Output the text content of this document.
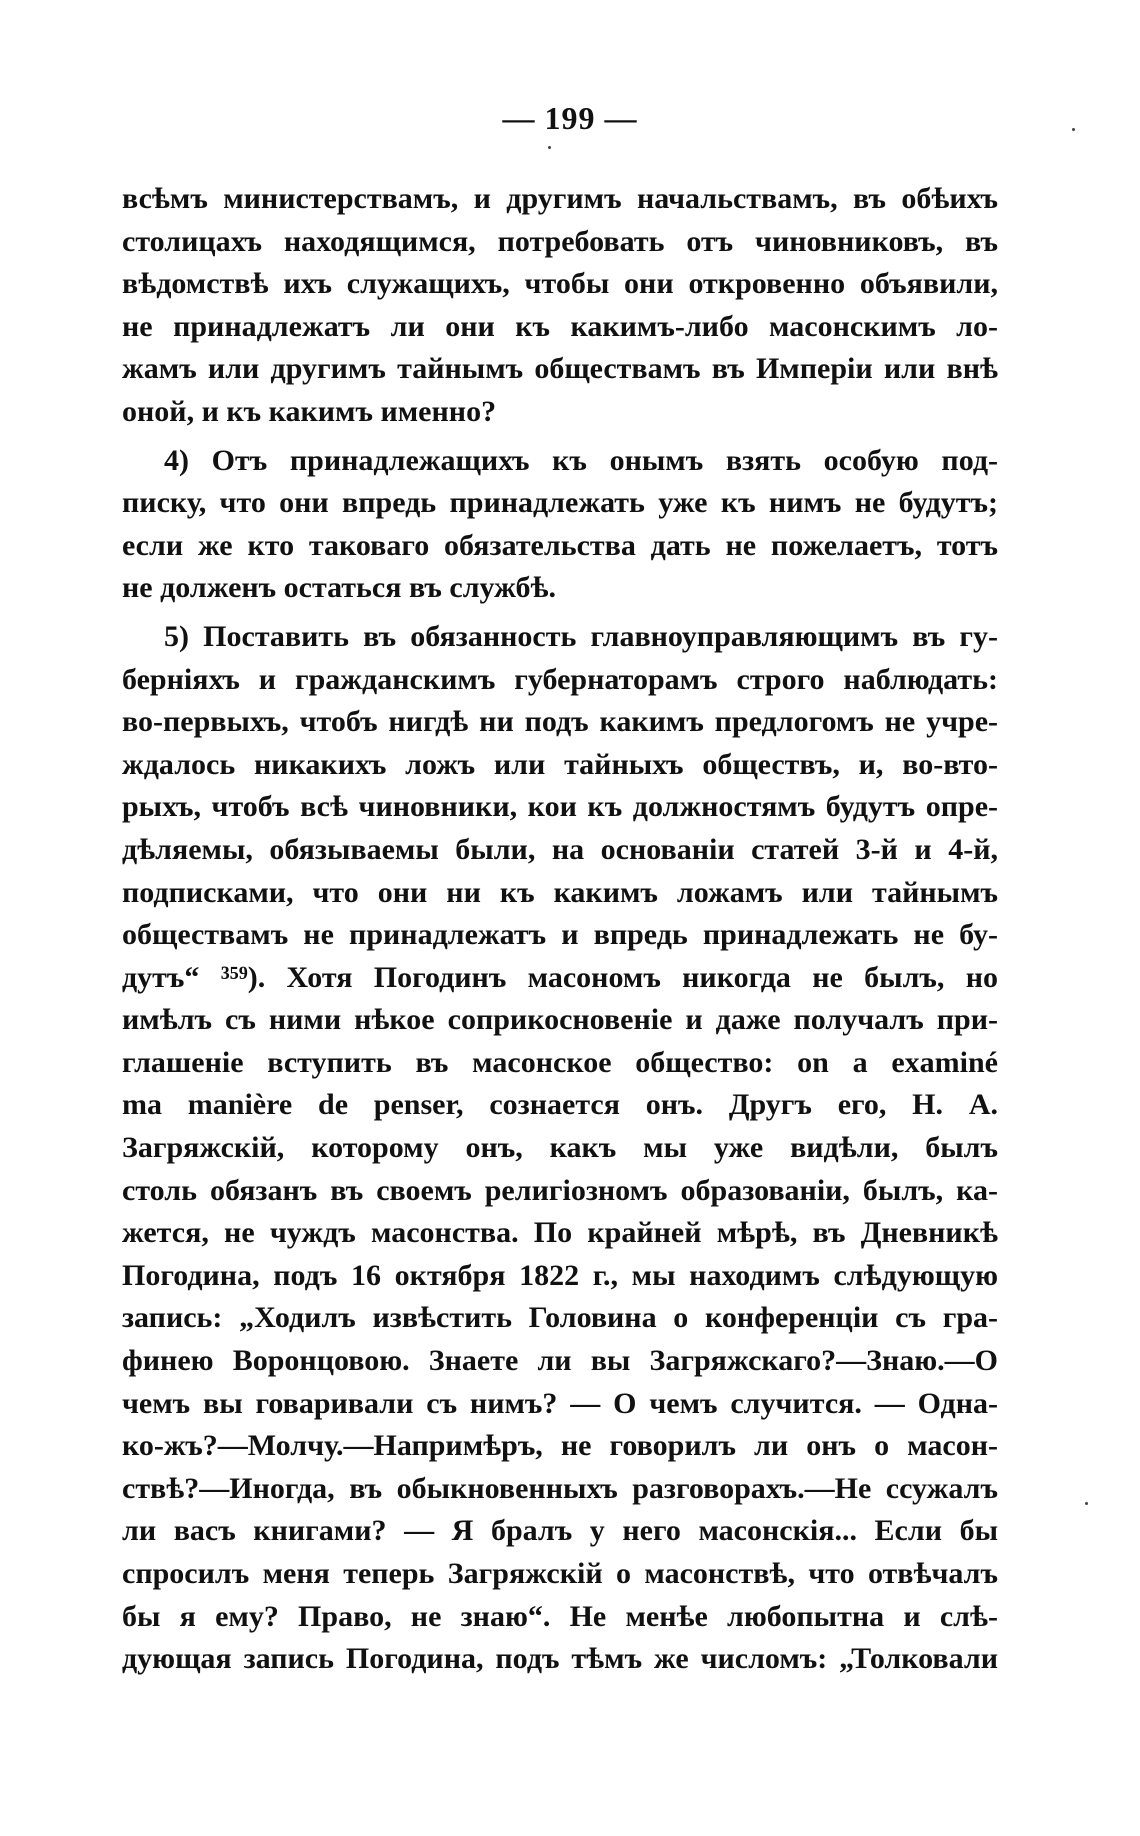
— 199 —
всѣмъ министерствамъ, и другимъ начальствамъ, въ обѣихъ
столицахъ находящимся, потребовать отъ чиновниковъ, въ
вѣдомствѣ ихъ служащихъ, чтобы они откровенно объявили,
не принадлежатъ ли они къ какимъ-либо масонскимъ ло-
жамъ или другимъ тайнымъ обществамъ въ Имперіи или внѣ
оной, и къ какимъ именно?
4) Отъ принадлежащихъ къ онымъ взять особую под-
писку, что они впредь принадлежать уже къ нимъ не будутъ;
если же кто таковаго обязательства дать не пожелаетъ, тотъ
не долженъ остаться въ службѣ.
5) Поставить въ обязанность главноуправляющимъ въ гу-
берніяхъ и гражданскимъ губернаторамъ строго наблюдать:
во-первыхъ, чтобъ нигдѣ ни подъ какимъ предлогомъ не учре-
ждалось никакихъ ложъ или тайныхъ обществъ, и, во-вто-
рыхъ, чтобъ всѣ чиновники, кои къ должностямъ будутъ опре-
дѣляемы, обязываемы были, на основаніи статей 3-й и 4-й,
подписками, что они ни къ какимъ ложамъ или тайнымъ
обществамъ не принадлежатъ и впредь принадлежать не бу-
дутъ“ ³⁵⁹). Хотя Погодинъ масономъ никогда не былъ, но
имѣлъ съ ними нѣкое соприкосновеніе и даже получалъ при-
глашеніе вступить въ масонское общество: on a examiné
ma manière de penser, сознается онъ. Другъ его, Н. А.
Загряжскій, которому онъ, какъ мы уже видѣли, былъ
столь обязанъ въ своемъ религіозномъ образованіи, былъ, ка-
жется, не чуждъ масонства. По крайней мѣрѣ, въ Дневникѣ
Погодина, подъ 16 октября 1822 г., мы находимъ слѣдующую
запись: „Ходилъ извѣстить Головина о конференціи съ гра-
финею Воронцовою. Знаете ли вы Загряжскаго?—Знаю.—О
чемъ вы говаривали съ нимъ? — О чемъ случится. — Одна-
ко-жъ?—Молчу.—Напримѣръ, не говорилъ ли онъ о масон-
ствѣ?—Иногда, въ обыкновенныхъ разговорахъ.—Не ссужалъ
ли васъ книгами? — Я бралъ у него масонскія... Если бы
спросилъ меня теперь Загряжскій о масонствѣ, что отвѣчалъ
бы я ему? Право, не знаю“. Не менѣе любопытна и слѣ-
дующая запись Погодина, подъ тѣмъ же числомъ: „Толковали
